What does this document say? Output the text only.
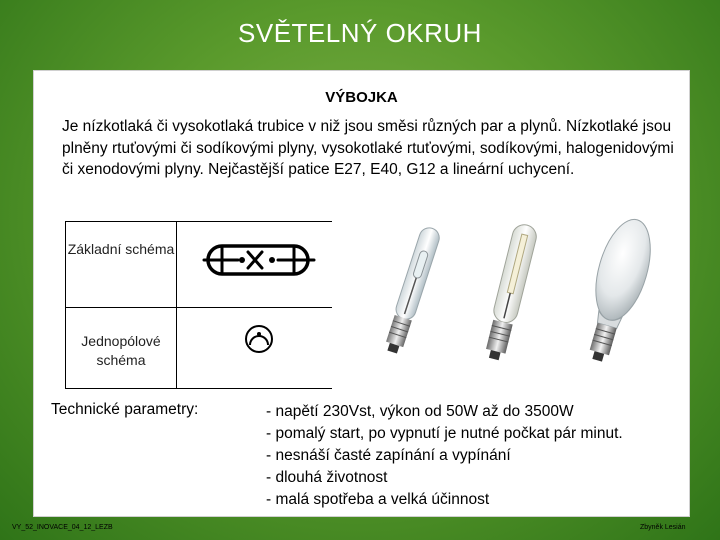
SVĚTELNÝ OKRUH
VÝBOJKA
Je nízkotlaká či vysokotlaká trubice v niž jsou směsi různých par a plynů. Nízkotlaké jsou plněny rtuťovými či sodíkovými plyny, vysokotlaké rtuťovými, sodíkovými, halogenidovými či xenodovými plyny. Nejčastější patice E27, E40, G12 a lineární uchycení.
Základní schéma
Jednopólové schéma
Technické parametry:	- napětí 230Vst, výkon od 50W až do 3500W
- pomalý start, po vypnutí je nutné počkat pár minut.
- nesnáší časté zapínání a vypínání
- dlouhá životnost
- malá spotřeba a velká účinnost
VY_52_INOVACE_04_12_LEZB	Zbyněk Lesián
